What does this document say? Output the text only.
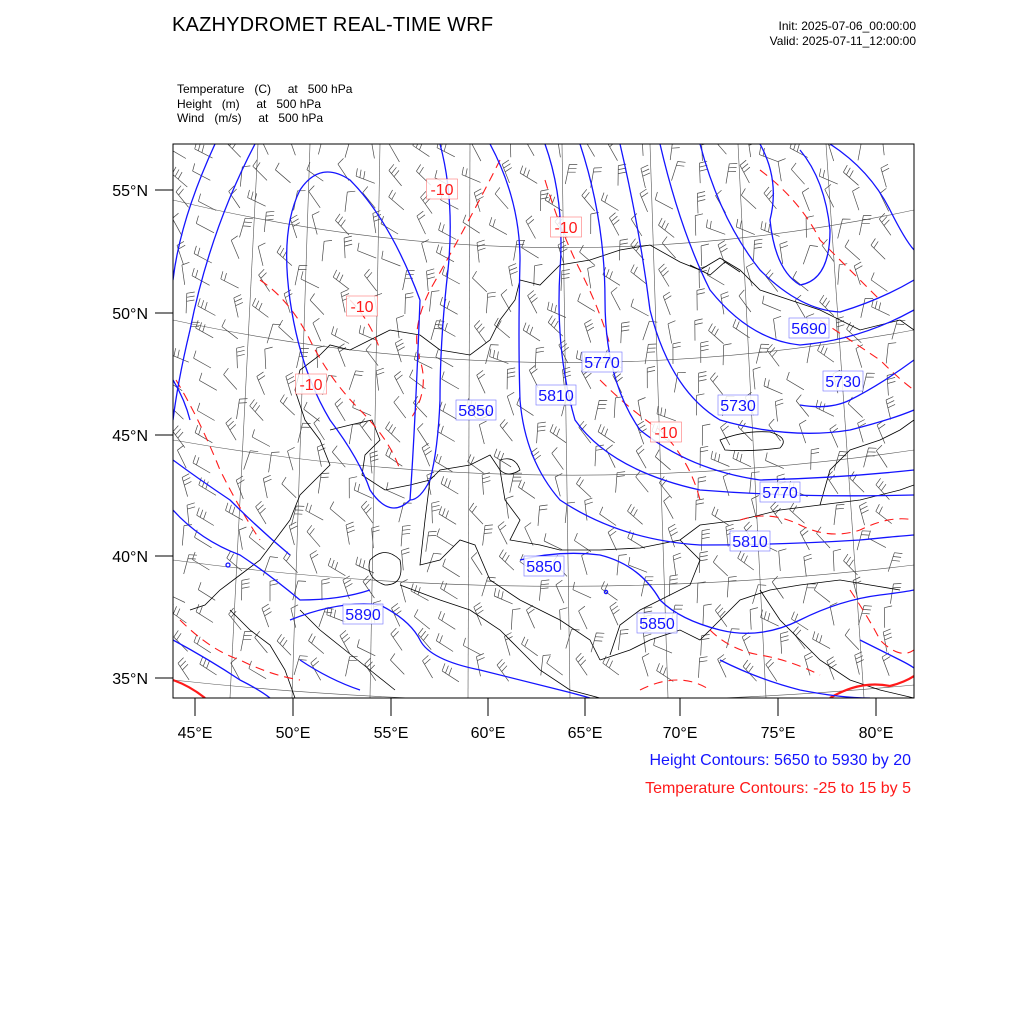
KAZHYDROMET REAL-TIME WRF	Init: 2025-07-06_00:00:00
Valid: 2025-07-11_12:00:00
Temperature   (C)     at   500 hPa
Height   (m)     at   500 hPa
Wind   (m/s)     at   500 hPa
55°N
50°N
45°N
40°N
35°N
45°E	50°E	55°E	60°E	65°E	70°E	75°E	80°E
5690
5770
5730
5810
5850	5730
5770
5810
5850
5890
5850
-10
-10
-10
-10
-10
Height Contours: 5650 to 5930 by 20
Temperature Contours: -25 to 15 by 5
